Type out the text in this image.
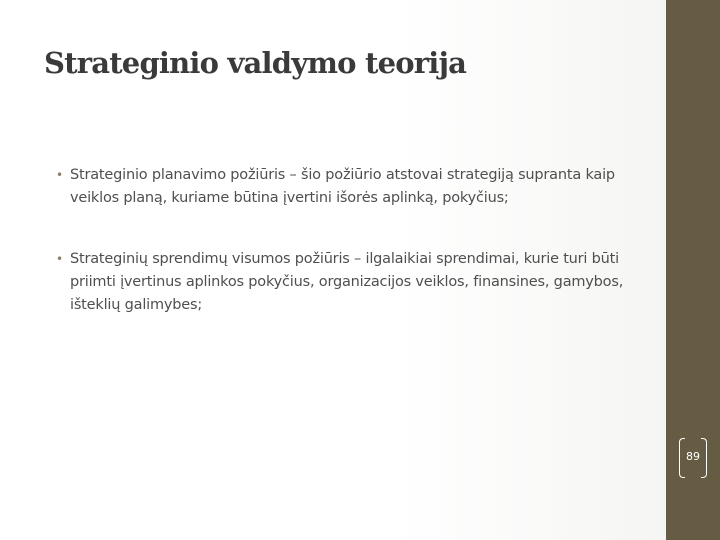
Strateginio valdymo teorija
• Strateginio planavimo požiūris – šio požiūrio atstovai strategiją supranta kaip veiklos planą, kuriame būtina įvertini išorės aplinką, pokyčius;
• Strateginių sprendimų visumos požiūris – ilgalaikiai sprendimai, kurie turi būti priimti įvertinus aplinkos pokyčius, organizacijos veiklos, finansines, gamybos, išteklių galimybes;
89
